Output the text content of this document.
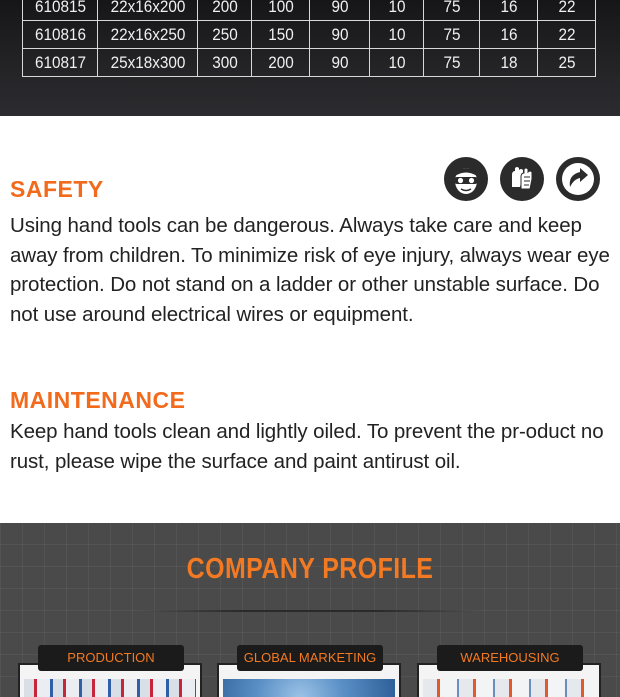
610815	22x16x200	200	100	90	10	75	16	22
610816	22x16x250	250	150	90	10	75	16	22
610817	25x18x300	300	200	90	10	75	18	25
SAFETY
Using hand tools can be dangerous. Always take care and keep away from children. To minimize risk of eye injury, always wear eye protection. Do not stand on a ladder or other unstable surface. Do not use around electrical wires or equipment.
MAINTENANCE
Keep hand tools clean and lightly oiled. To prevent the pr-oduct no rust, please wipe the surface and paint antirust oil.
COMPANY PROFILE
PRODUCTION	GLOBAL MARKETING	WAREHOUSING
